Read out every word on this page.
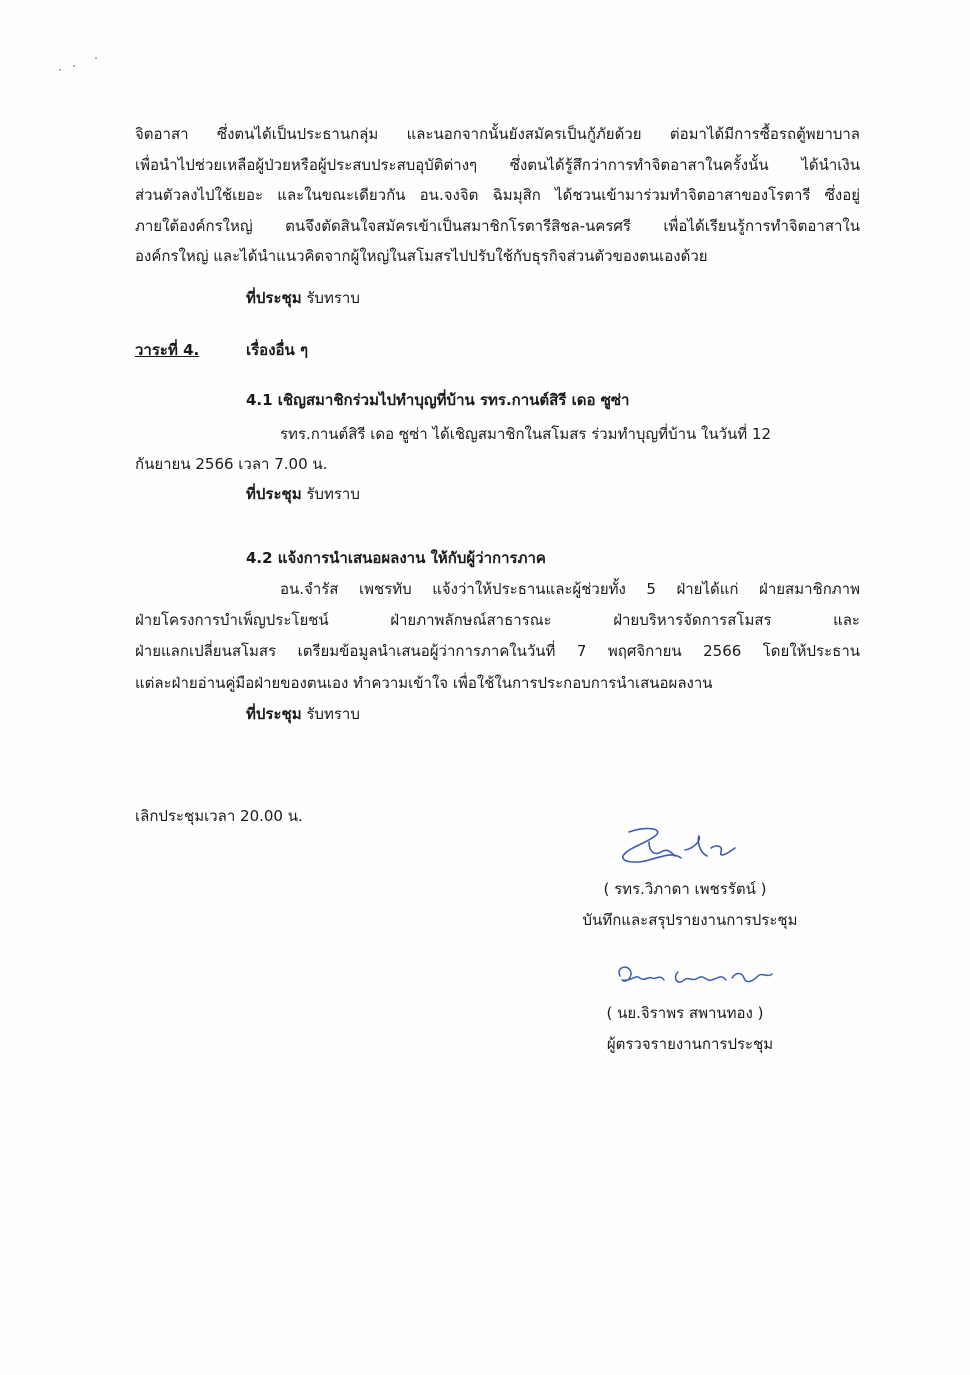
จิตอาสา ซึ่งตนได้เป็นประธานกลุ่ม และนอกจากนั้นยังสมัครเป็นกู้ภัยด้วย ต่อมาได้มีการซื้อรถตู้พยาบาล
เพื่อนำไปช่วยเหลือผู้ป่วยหรือผู้ประสบประสบอุบัติต่างๆ ซึ่งตนได้รู้สึกว่าการทำจิตอาสาในครั้งนั้น ได้นำเงิน
ส่วนตัวลงไปใช้เยอะ และในขณะเดียวกัน อน.จงจิต ฉิมมุสิก ได้ชวนเข้ามาร่วมทำจิตอาสาของโรตารี ซึ่งอยู่
ภายใต้องค์กรใหญ่ ตนจึงตัดสินใจสมัครเข้าเป็นสมาชิกโรตารีสิชล-นครศรี เพื่อได้เรียนรู้การทำจิตอาสาใน
องค์กรใหญ่ และได้นำแนวคิดจากผู้ใหญ่ในสโมสรไปปรับใช้กับธุรกิจส่วนตัวของตนเองด้วย
ที่ประชุม รับทราบ
วาระที่ 4.	เรื่องอื่น ๆ
4.1 เชิญสมาชิกร่วมไปทำบุญที่บ้าน รทร.กานต์สิรี เดอ ซูซ่า
รทร.กานต์สิรี เดอ ซูซ่า ได้เชิญสมาชิกในสโมสร ร่วมทำบุญที่บ้าน ในวันที่ 12
กันยายน 2566 เวลา 7.00 น.
ที่ประชุม รับทราบ
4.2 แจ้งการนำเสนอผลงาน ให้กับผู้ว่าการภาค
อน.จำรัส เพชรทับ แจ้งว่าให้ประธานและผู้ช่วยทั้ง 5 ฝ่ายได้แก่ ฝ่ายสมาชิกภาพ
ฝ่ายโครงการบำเพ็ญประโยชน์ ฝ่ายภาพลักษณ์สาธารณะ ฝ่ายบริหารจัดการสโมสร และ
ฝ่ายแลกเปลี่ยนสโมสร เตรียมข้อมูลนำเสนอผู้ว่าการภาคในวันที่ 7 พฤศจิกายน 2566 โดยให้ประธาน
แต่ละฝ่ายอ่านคู่มือฝ่ายของตนเอง ทำความเข้าใจ เพื่อใช้ในการประกอบการนำเสนอผลงาน
ที่ประชุม รับทราบ
เลิกประชุมเวลา 20.00 น.
( รทร.วิภาดา เพชรรัตน์ )
บันทึกและสรุปรายงานการประชุม
( นย.จิราพร สพานทอง )
ผู้ตรวจรายงานการประชุม
